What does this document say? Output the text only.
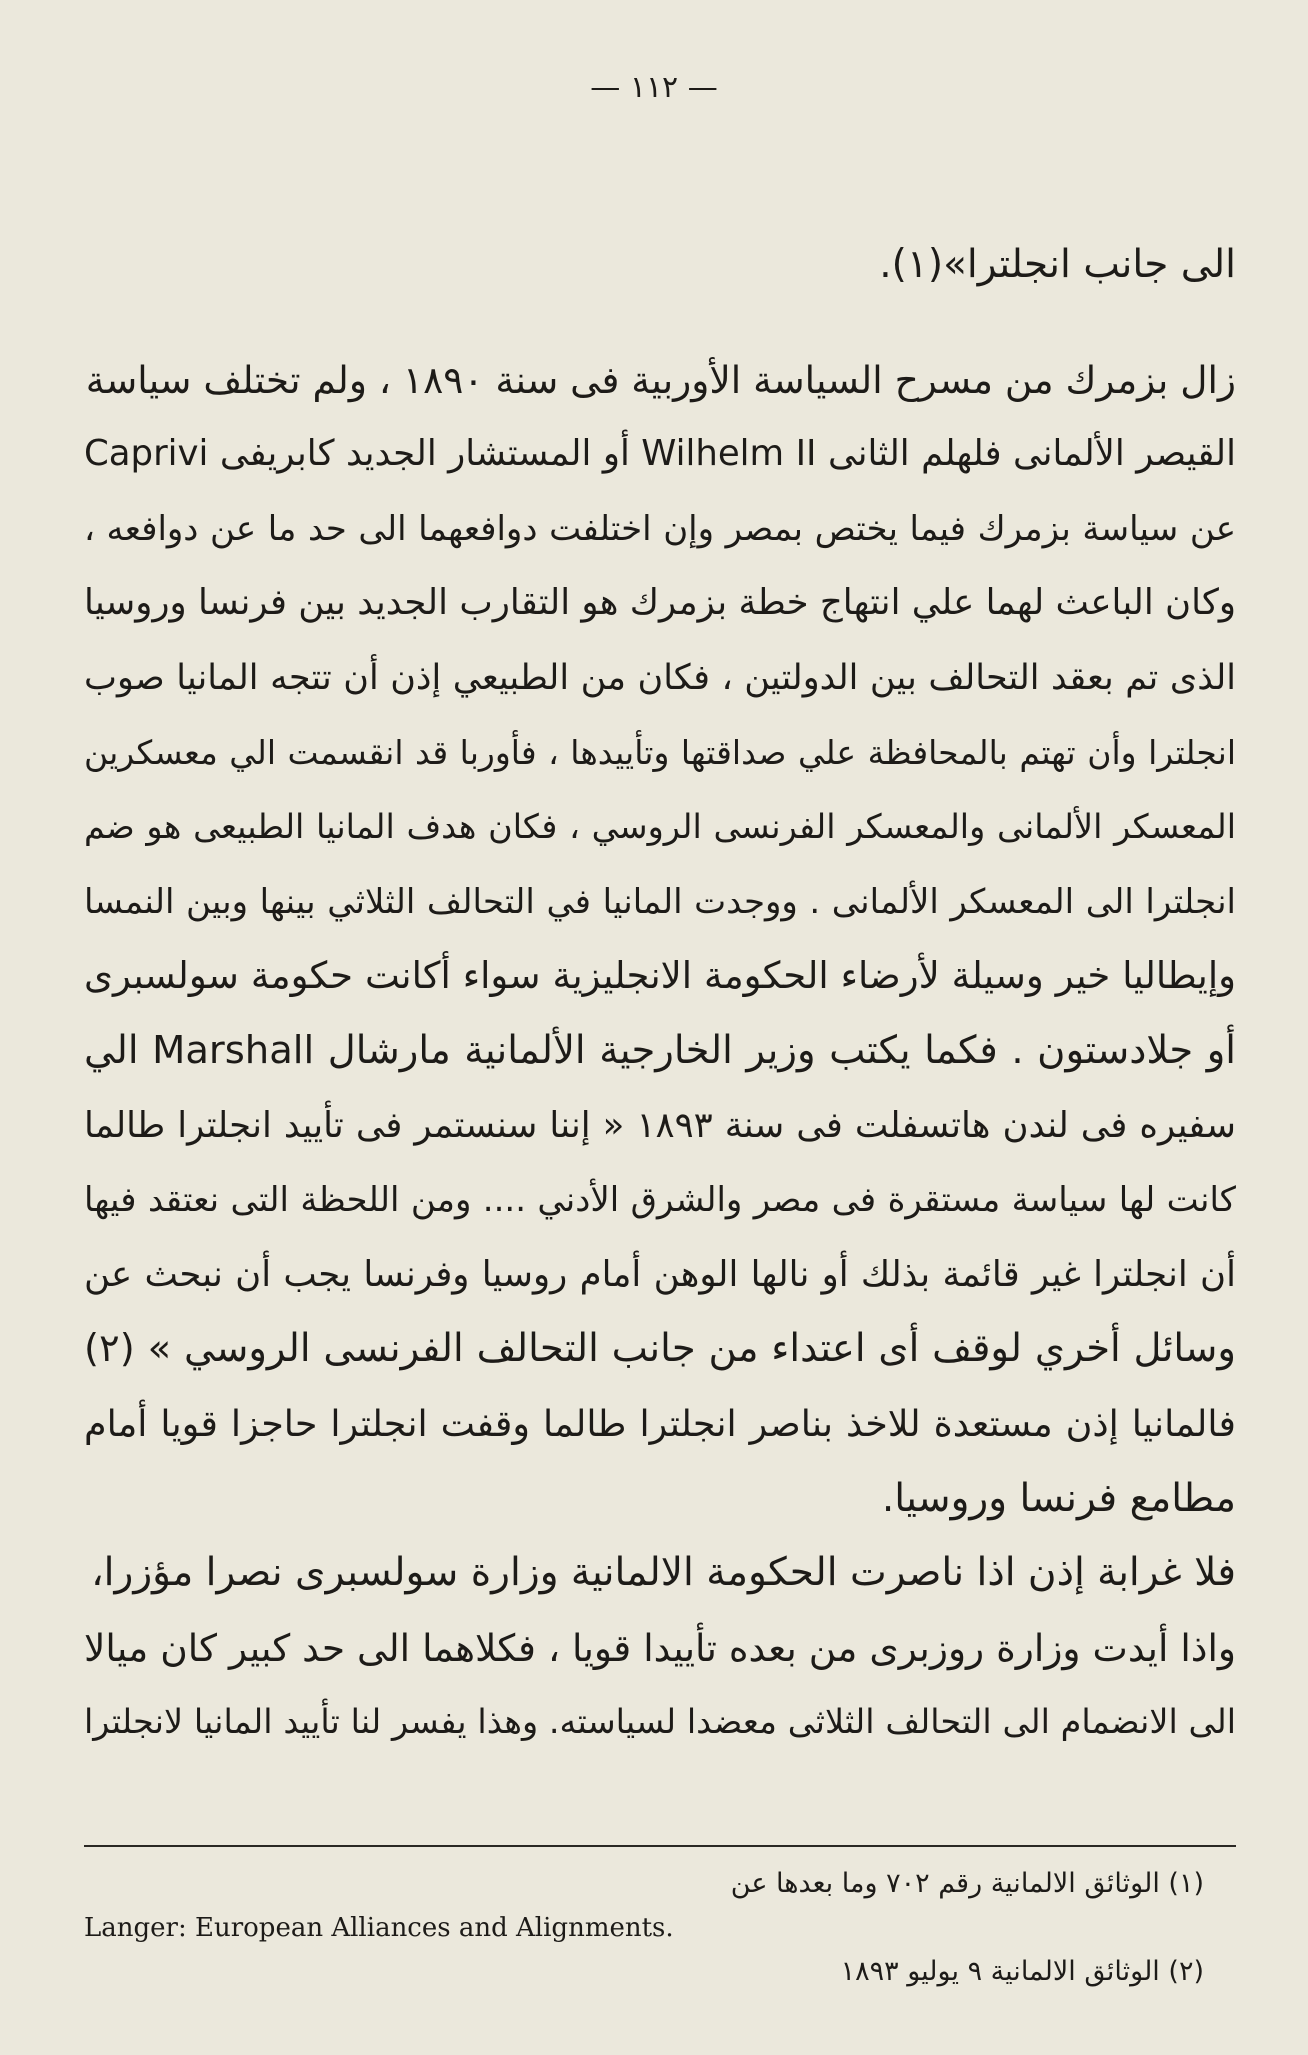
— ١١٢ —
الى جانب انجلترا»(١).
زال بزمرك من مسرح السياسة الأوربية فى سنة ١٨٩٠ ، ولم تختلف سياسة
القيصر الألمانى فلهلم الثانى Wilhelm II أو المستشار الجديد كابريفى Caprivi
عن سياسة بزمرك فيما يختص بمصر وإن اختلفت دوافعهما الى حد ما عن دوافعه ،
وكان الباعث لهما علي انتهاج خطة بزمرك هو التقارب الجديد بين فرنسا وروسيا
الذى تم بعقد التحالف بين الدولتين ، فكان من الطبيعي إذن أن تتجه المانيا صوب
انجلترا وأن تهتم بالمحافظة علي صداقتها وتأييدها ، فأوربا قد انقسمت الي معسكرين
المعسكر الألمانى والمعسكر الفرنسى الروسي ، فكان هدف المانيا الطبيعى هو ضم
انجلترا الى المعسكر الألمانى . ووجدت المانيا في التحالف الثلاثي بينها وبين النمسا
وإيطاليا خير وسيلة لأرضاء الحكومة الانجليزية سواء أكانت حكومة سولسبرى
أو جلادستون . فكما يكتب وزير الخارجية الألمانية مارشال Marshall الي
سفيره فى لندن هاتسفلت فى سنة ١٨٩٣ « إننا سنستمر فى تأييد انجلترا طالما
كانت لها سياسة مستقرة فى مصر والشرق الأدني .... ومن اللحظة التى نعتقد فيها
أن انجلترا غير قائمة بذلك أو نالها الوهن أمام روسيا وفرنسا يجب أن نبحث عن
وسائل أخري لوقف أى اعتداء من جانب التحالف الفرنسى الروسي » (٢)
فالمانيا إذن مستعدة للاخذ بناصر انجلترا طالما وقفت انجلترا حاجزا قويا أمام
مطامع فرنسا وروسيا.
فلا غرابة إذن اذا ناصرت الحكومة الالمانية وزارة سولسبرى نصرا مؤزرا،
واذا أيدت وزارة روزبرى من بعده تأييدا قويا ، فكلاهما الى حد كبير كان ميالا
الى الانضمام الى التحالف الثلاثى معضدا لسياسته. وهذا يفسر لنا تأييد المانيا لانجلترا
(١) الوثائق الالمانية رقم ٧٠٢ وما بعدها عن
Langer: European Alliances and Alignments.
(٢) الوثائق الالمانية ٩ يوليو ١٨٩٣
